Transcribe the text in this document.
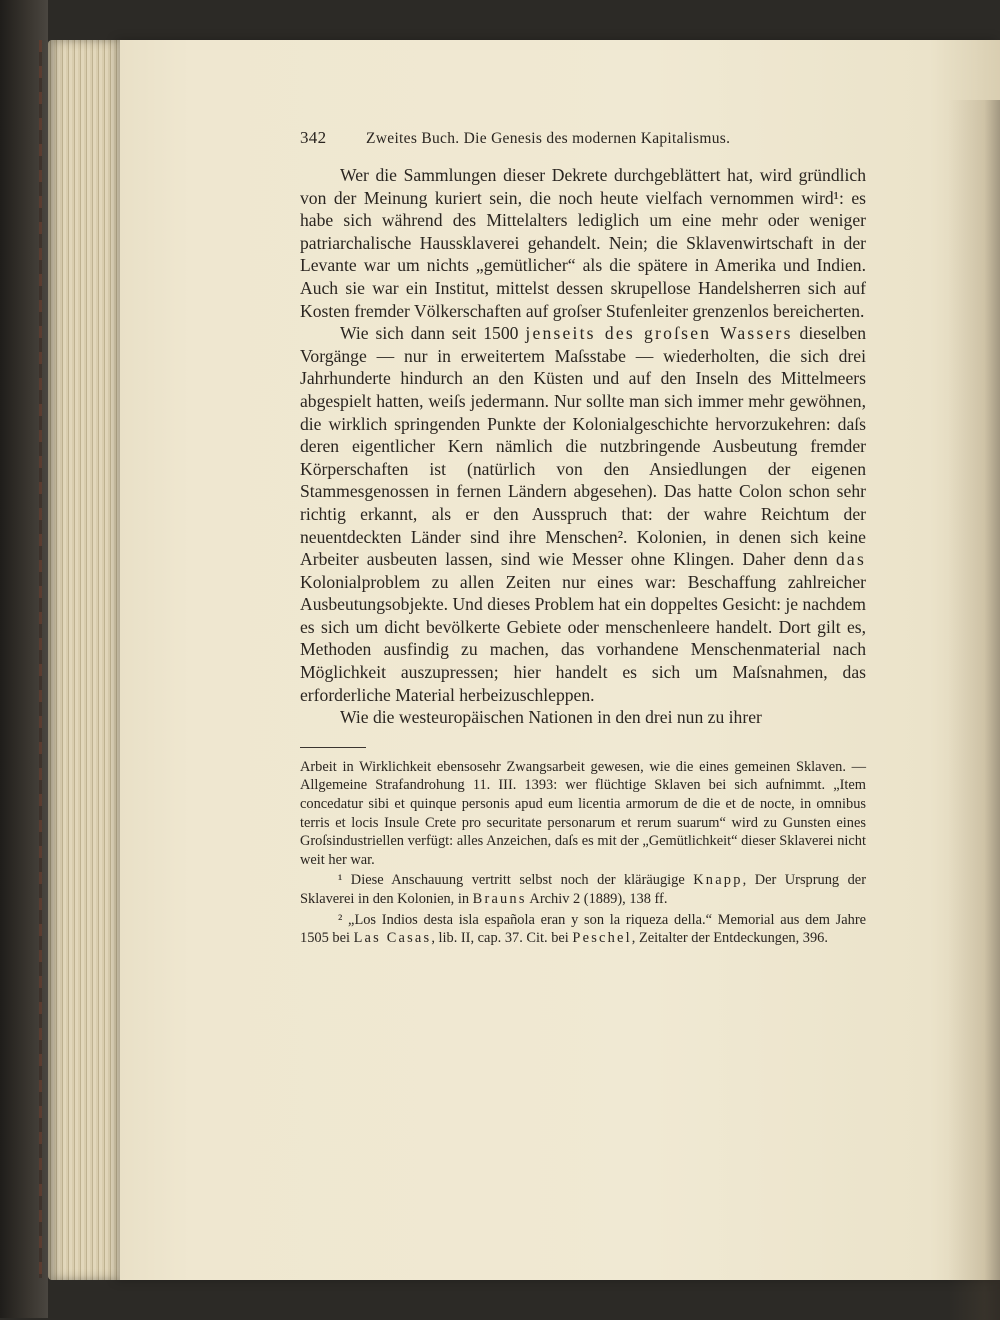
342	Zweites Buch. Die Genesis des modernen Kapitalismus.

Wer die Sammlungen dieser Dekrete durchgeblättert hat, wird gründlich von der Meinung kuriert sein, die noch heute vielfach vernommen wird¹: es habe sich während des Mittelalters lediglich um eine mehr oder weniger patriarchalische Haussklaverei gehandelt. Nein; die Sklavenwirtschaft in der Levante war um nichts „gemütlicher“ als die spätere in Amerika und Indien. Auch sie war ein Institut, mittelst dessen skrupellose Handelsherren sich auf Kosten fremder Völkerschaften auf groſser Stufenleiter grenzenlos bereicherten.

Wie sich dann seit 1500 jenseits des groſsen Wassers dieselben Vorgänge — nur in erweitertem Maſsstabe — wiederholten, die sich drei Jahrhunderte hindurch an den Küsten und auf den Inseln des Mittelmeers abgespielt hatten, weiſs jedermann. Nur sollte man sich immer mehr gewöhnen, die wirklich springenden Punkte der Kolonialgeschichte hervorzukehren: daſs deren eigentlicher Kern nämlich die nutzbringende Ausbeutung fremder Körperschaften ist (natürlich von den Ansiedlungen der eigenen Stammesgenossen in fernen Ländern abgesehen). Das hatte Colon schon sehr richtig erkannt, als er den Ausspruch that: der wahre Reichtum der neuentdeckten Länder sind ihre Menschen². Kolonien, in denen sich keine Arbeiter ausbeuten lassen, sind wie Messer ohne Klingen. Daher denn das Kolonialproblem zu allen Zeiten nur eines war: Beschaffung zahlreicher Ausbeutungsobjekte. Und dieses Problem hat ein doppeltes Gesicht: je nachdem es sich um dicht bevölkerte Gebiete oder menschenleere handelt. Dort gilt es, Methoden ausfindig zu machen, das vorhandene Menschenmaterial nach Möglichkeit auszupressen; hier handelt es sich um Maſsnahmen, das erforderliche Material herbeizuschleppen.

Wie die westeuropäischen Nationen in den drei nun zu ihrer

Arbeit in Wirklichkeit ebensosehr Zwangsarbeit gewesen, wie die eines gemeinen Sklaven. — Allgemeine Strafandrohung 11. III. 1393: wer flüchtige Sklaven bei sich aufnimmt. „Item concedatur sibi et quinque personis apud eum licentia armorum de die et de nocte, in omnibus terris et locis Insule Crete pro securitate personarum et rerum suarum“ wird zu Gunsten eines Groſsindustriellen verfügt: alles Anzeichen, daſs es mit der „Gemütlichkeit“ dieser Sklaverei nicht weit her war.

¹ Diese Anschauung vertritt selbst noch der kläräugige Knapp, Der Ursprung der Sklaverei in den Kolonien, in Brauns Archiv 2 (1889), 138 ff.

² „Los Indios desta isla española eran y son la riqueza della.“ Memorial aus dem Jahre 1505 bei Las Casas, lib. II, cap. 37. Cit. bei Peschel, Zeitalter der Entdeckungen, 396.
